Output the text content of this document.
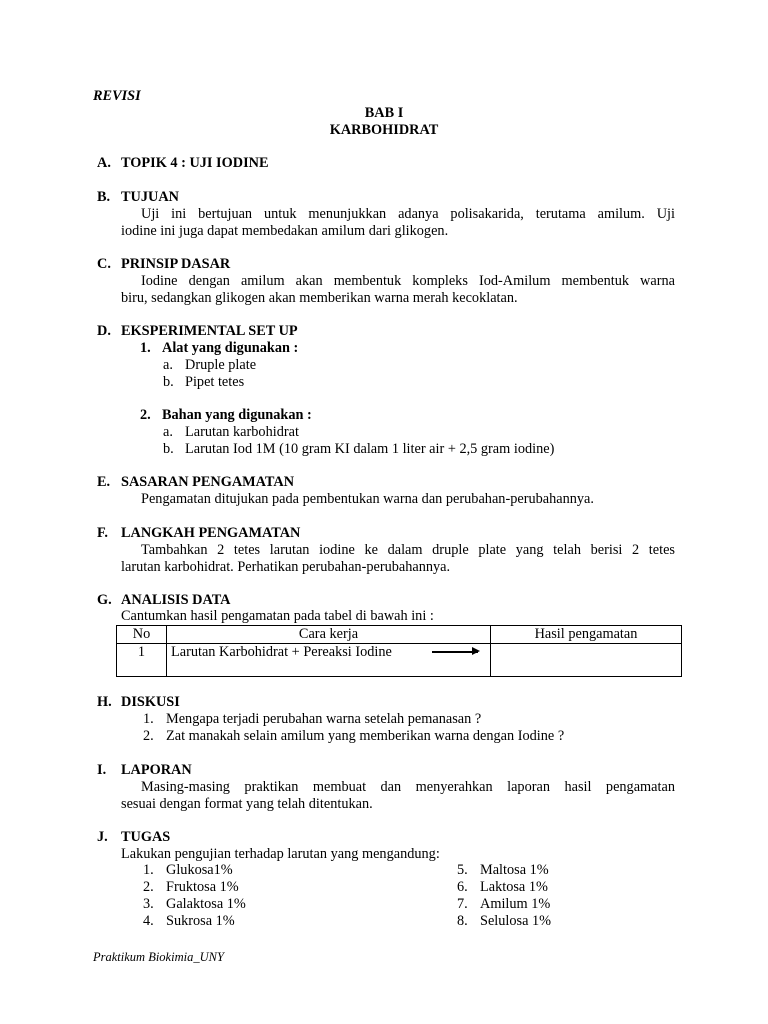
REVISI
BAB I
KARBOHIDRAT
A. TOPIK 4 : UJI IODINE
B. TUJUAN
Uji ini bertujuan untuk menunjukkan adanya polisakarida, terutama amilum. Uji
iodine ini juga dapat membedakan amilum dari glikogen.
C. PRINSIP DASAR
Iodine dengan amilum akan membentuk kompleks Iod-Amilum membentuk warna
biru, sedangkan glikogen akan memberikan warna merah kecoklatan.
D. EKSPERIMENTAL SET UP
1. Alat yang digunakan :
a. Druple plate
b. Pipet tetes
2. Bahan yang digunakan :
a. Larutan karbohidrat
b. Larutan Iod 1M (10 gram KI dalam 1 liter air + 2,5 gram iodine)
E. SASARAN PENGAMATAN
Pengamatan ditujukan pada pembentukan warna dan perubahan-perubahannya.
F. LANGKAH PENGAMATAN
Tambahkan 2 tetes larutan iodine ke dalam druple plate yang telah berisi 2 tetes
larutan karbohidrat. Perhatikan perubahan-perubahannya.
G. ANALISIS DATA
Cantumkan hasil pengamatan pada tabel di bawah ini :
No	Cara kerja	Hasil pengamatan
1	Larutan Karbohidrat + Pereaksi Iodine	
H. DISKUSI
1. Mengapa terjadi perubahan warna setelah pemanasan ?
2. Zat manakah selain amilum yang memberikan warna dengan Iodine ?
I. LAPORAN
Masing-masing praktikan membuat dan menyerahkan laporan hasil pengamatan
sesuai dengan format yang telah ditentukan.
J. TUGAS
Lakukan pengujian terhadap larutan yang mengandung:
1. Glukosa1%
2. Fruktosa 1%
3. Galaktosa 1%
4. Sukrosa 1%
5. Maltosa 1%
6. Laktosa 1%
7. Amilum 1%
8. Selulosa 1%
Praktikum Biokimia_UNY
